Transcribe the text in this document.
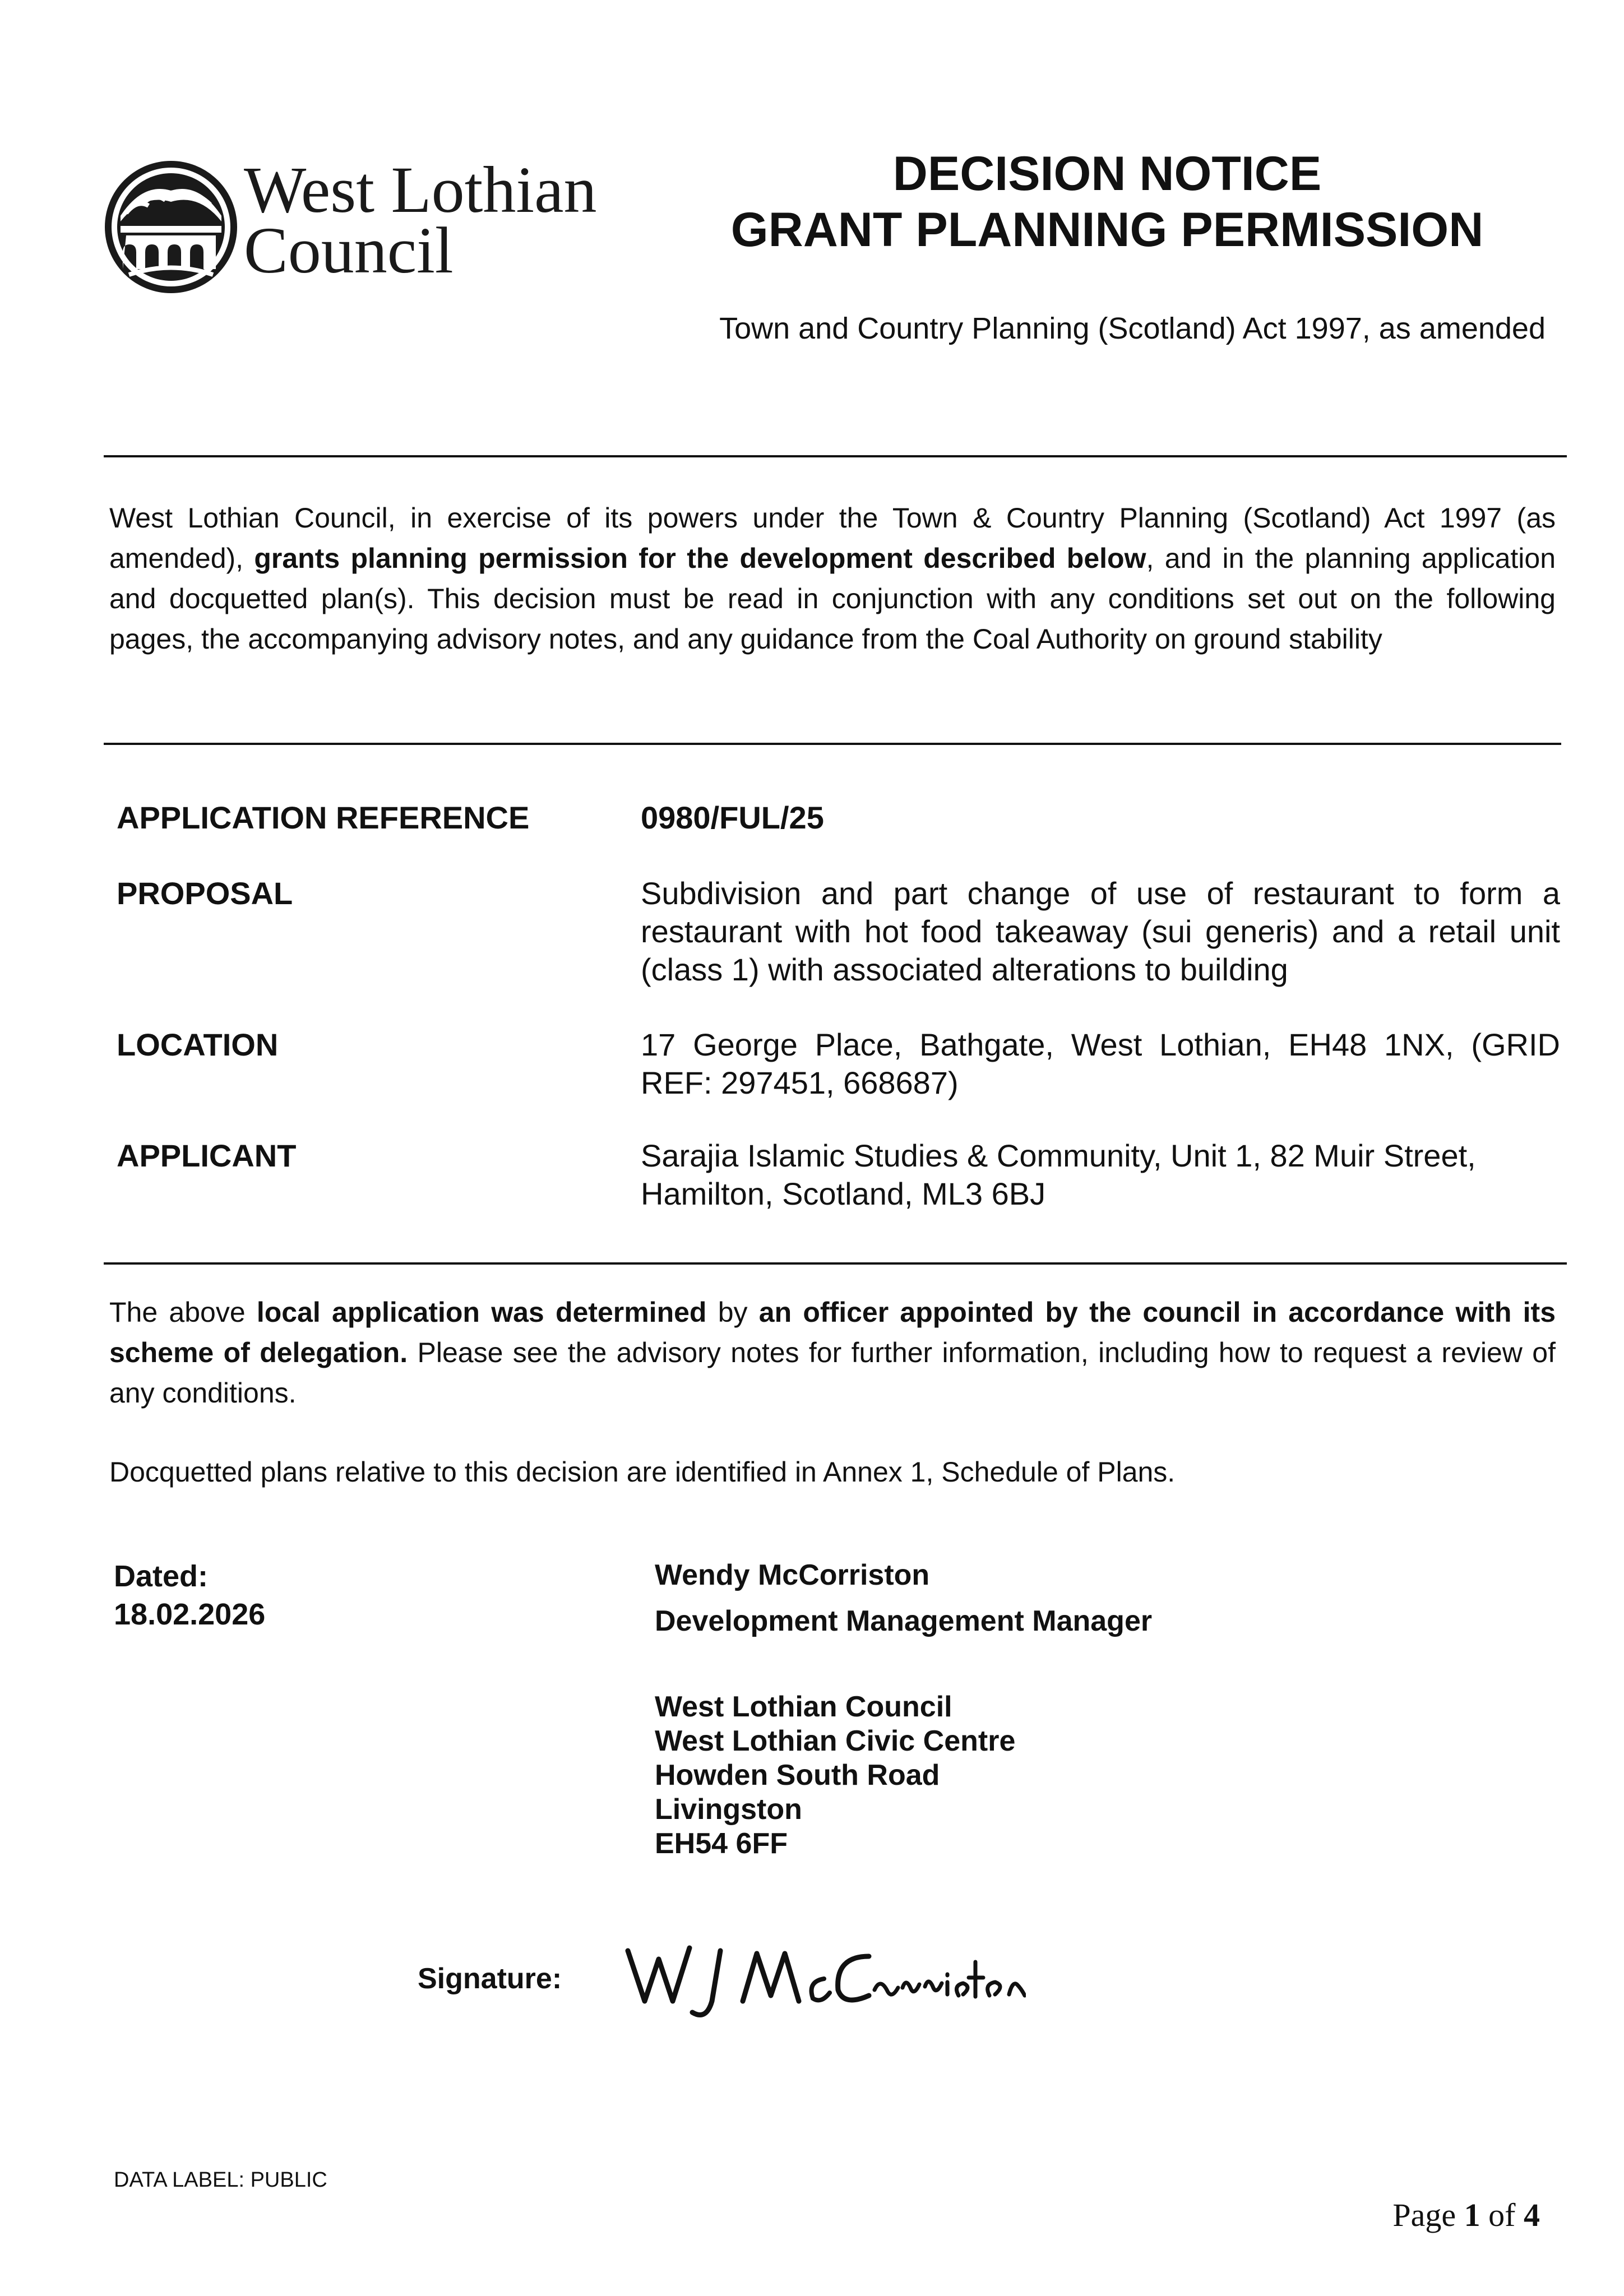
West Lothian
Council
DECISION NOTICE
GRANT PLANNING PERMISSION
Town and Country Planning (Scotland) Act 1997, as amended
West Lothian Council, in exercise of its powers under the Town & Country Planning (Scotland) Act 1997 (as amended), grants planning permission for the development described below, and in the planning application and docquetted plan(s). This decision must be read in conjunction with any conditions set out on the following pages, the accompanying advisory notes, and any guidance from the Coal Authority on ground stability
APPLICATION REFERENCE	0980/FUL/25
PROPOSAL	Subdivision and part change of use of restaurant to form a restaurant with hot food takeaway (sui generis) and a retail unit (class 1) with associated alterations to building
LOCATION	17 George Place, Bathgate, West Lothian, EH48 1NX, (GRID REF: 297451, 668687)
APPLICANT	Sarajia Islamic Studies & Community, Unit 1, 82 Muir Street, Hamilton, Scotland, ML3 6BJ
The above local application was determined by an officer appointed by the council in accordance with its scheme of delegation. Please see the advisory notes for further information, including how to request a review of any conditions.
Docquetted plans relative to this decision are identified in Annex 1, Schedule of Plans.
Dated:
18.02.2026
Wendy McCorriston
Development Management Manager
West Lothian Council
West Lothian Civic Centre
Howden South Road
Livingston
EH54 6FF
Signature:
DATA LABEL: PUBLIC
Page 1 of 4
